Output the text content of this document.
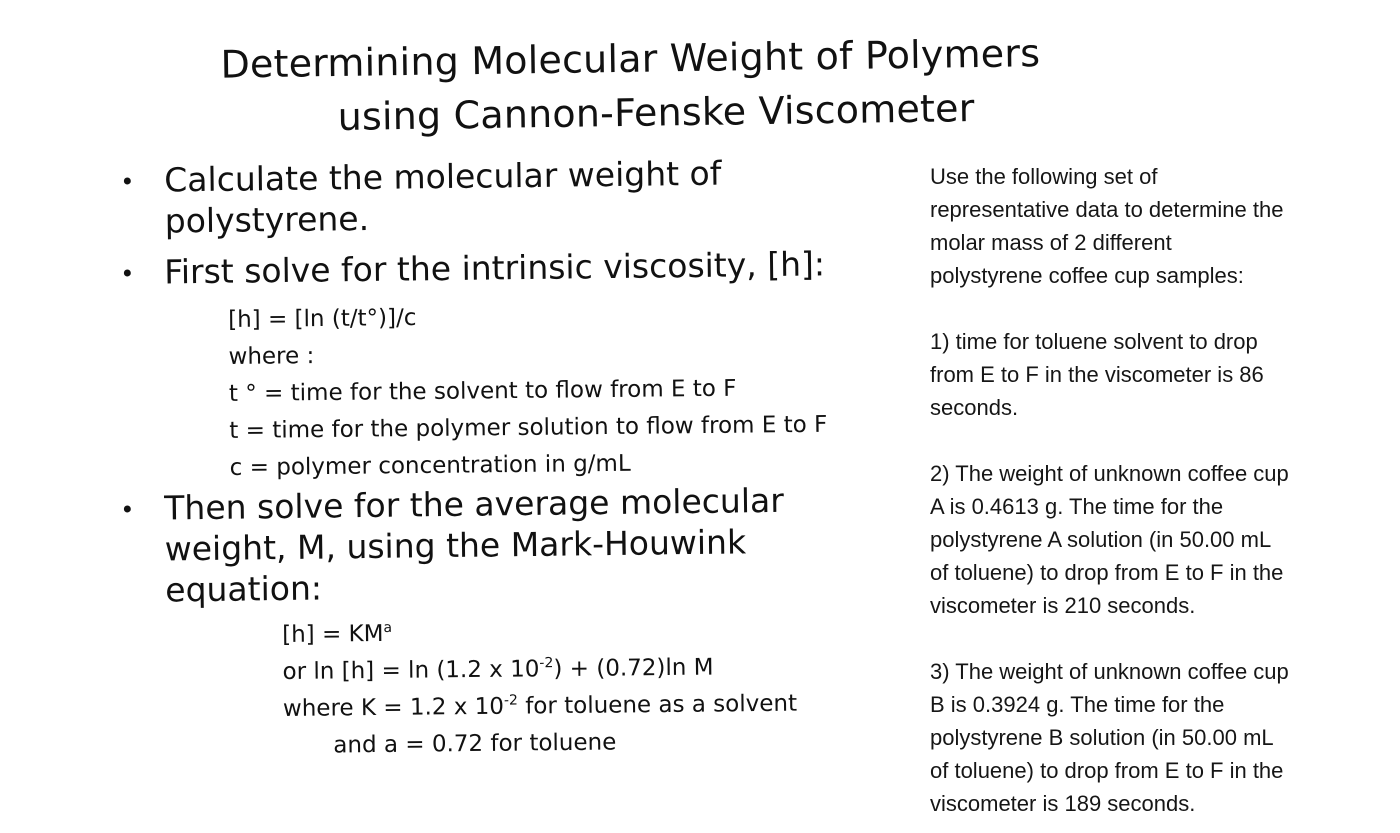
Determining Molecular Weight of Polymers
using Cannon-Fenske Viscometer
• Calculate the molecular weight of
polystyrene.
• First solve for the intrinsic viscosity, [h]:
[h] = [ln (t/t°)]/c
where :
t ° = time for the solvent to flow from E to F
t = time for the polymer solution to flow from E to F
c = polymer concentration in g/mL
• Then solve for the average molecular
weight, M, using the Mark-Houwink
equation:
$[h] = KM^a$
or ln [h] = ln (1.2 x $10^{-2}) + (0.72)\ln$ M
where K = 1.2 x $10^{-2}$ for toluene as a solvent
and a = 0.72 for toluene

Use the following set of
representative data to determine the
molar mass of 2 different
polystyrene coffee cup samples:

1) time for toluene solvent to drop
from E to F in the viscometer is 86
seconds.

2) The weight of unknown coffee cup
A is 0.4613 g. The time for the
polystyrene A solution (in 50.00 mL
of toluene) to drop from E to F in the
viscometer is 210 seconds.

3) The weight of unknown coffee cup
B is 0.3924 g. The time for the
polystyrene B solution (in 50.00 mL
of toluene) to drop from E to F in the
viscometer is 189 seconds.
